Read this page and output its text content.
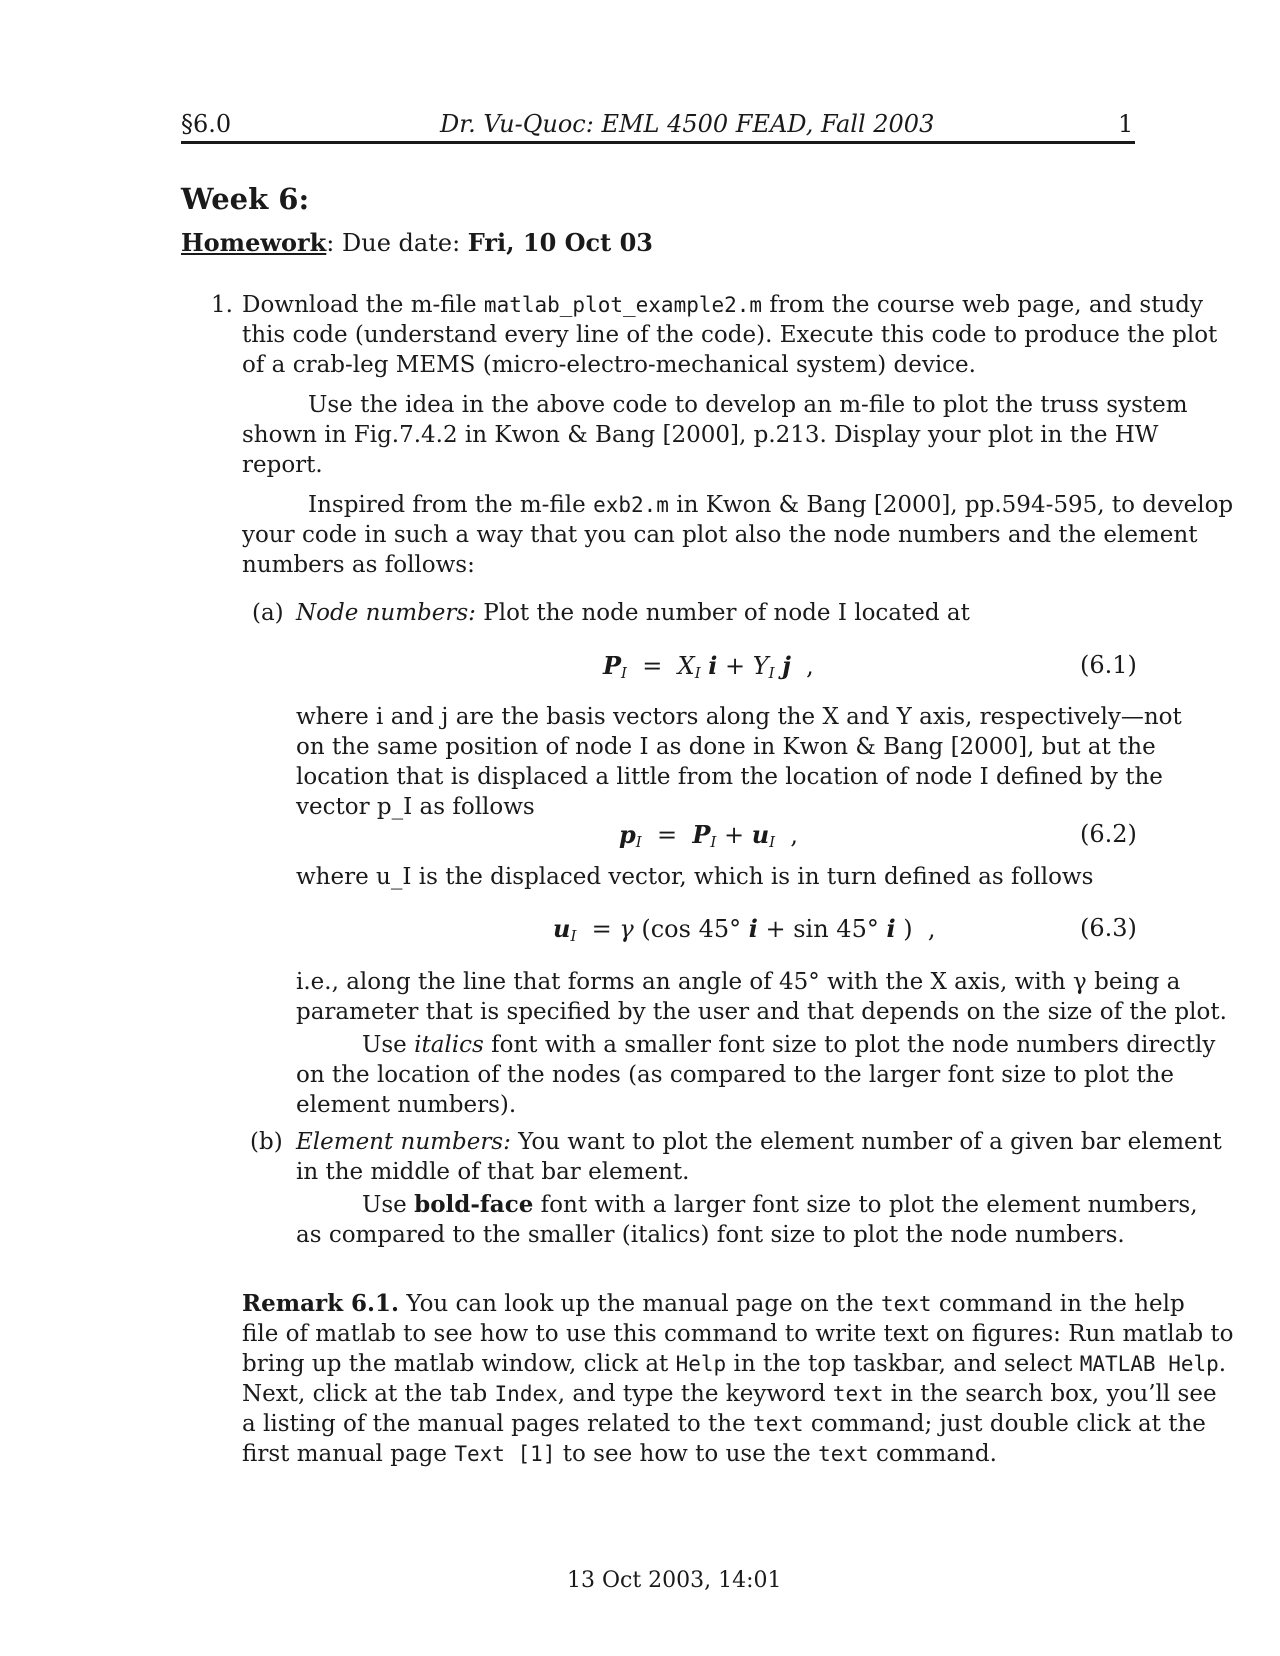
§6.0	Dr. Vu-Quoc: EML 4500 FEAD, Fall 2003	1
Week 6:
Homework: Due date: Fri, 10 Oct 03
1. Download the m-file matlab_plot_example2.m from the course web page, and study
this code (understand every line of the code). Execute this code to produce the plot
of a crab-leg MEMS (micro-electro-mechanical system) device.
Use the idea in the above code to develop an m-file to plot the truss system
shown in Fig.7.4.2 in Kwon & Bang [2000], p.213. Display your plot in the HW
report.
Inspired from the m-file exb2.m in Kwon & Bang [2000], pp.594-595, to develop
your code in such a way that you can plot also the node numbers and the element
numbers as follows:
(a) Node numbers: Plot the node number of node I located at
$P_I = X_I$ $i + Y_I$ j  ,	(6.1)
where i and j are the basis vectors along the X and Y axis, respectively—not
on the same position of node I as done in Kwon & Bang [2000], but at the
location that is displaced a little from the location of node I defined by the
vector p_I as follows
$p_I = P_I + u_I$  ,	(6.2)
where u_I is the displaced vector, which is in turn defined as follows
$u_I = \gamma$ (cos 45° i + sin 45° i )  ,	(6.3)
i.e., along the line that forms an angle of 45° with the X axis, with γ being a
parameter that is specified by the user and that depends on the size of the plot.
Use italics font with a smaller font size to plot the node numbers directly
on the location of the nodes (as compared to the larger font size to plot the
element numbers).
(b) Element numbers: You want to plot the element number of a given bar element
in the middle of that bar element.
Use bold-face font with a larger font size to plot the element numbers,
as compared to the smaller (italics) font size to plot the node numbers.
Remark 6.1. You can look up the manual page on the text command in the help
file of matlab to see how to use this command to write text on figures: Run matlab to
bring up the matlab window, click at Help in the top taskbar, and select MATLAB Help.
Next, click at the tab Index, and type the keyword text in the search box, you’ll see
a listing of the manual pages related to the text command; just double click at the
first manual page Text [1] to see how to use the text command.
13 Oct 2003, 14:01
